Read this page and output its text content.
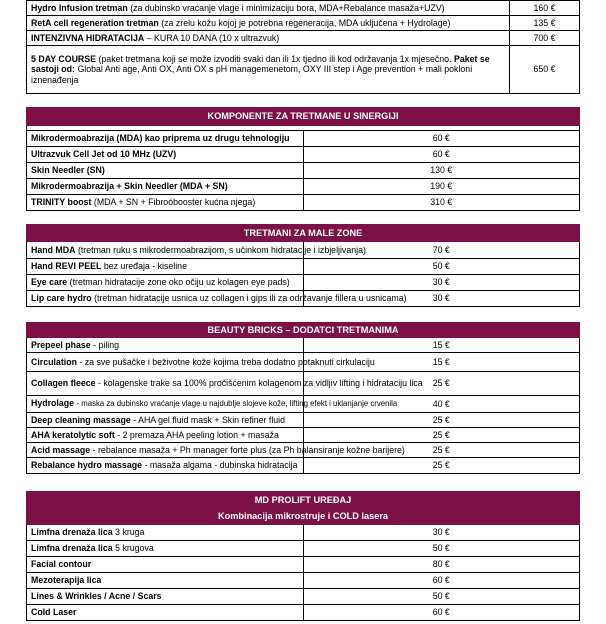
Hydro Infusion tretman (za dubinsko vraćanje vlage i minimizaciju bora, MDA+Rebalance masaža+UZV)	160 €
RetA cell regeneration tretman (za zrelu kožu kojoj je potrebna regeneracija, MDA uključena + Hydrolage)	135 €
INTENZIVNA HIDRATACIJA – KURA 10 DANA (10 x ultrazvuk)	700 €
5 DAY COURSE (paket tretmana koji se može izvoditi svaki dan ili 1x tjedno ili kod održavanja 1x mjesečno. Paket se sastoji od: Global Anti age, Anti OX, Anti OX s pH managemenetom, OXY III step i Age prevention + mali pokloni iznenađenja	650 €
KOMPONENTE ZA TRETMANE U SINERGIJI	

Mikrodermoabrazija (MDA) kao priprema uz drugu tehnologiju	60 €
Ultrazvuk Cell Jet od 10 MHz (UZV)	60 €
Skin Needler (SN)	130 €
Mikrodermoabrazija + Skin Needler (MDA + SN)	190 €
TRINITY boost (MDA + SN + Fibroóbooster kućna njega)	310 €
TRETMANI ZA MALE ZONE	
Hand MDA (tretman ruku s mikrodermoabrazijom, s učinkom hidratacije i izbjeljivanja)	70 €
Hand REVI PEEL bez uređaja - kiseline	50 €
Eye care (tretman hidratacije zone oko očiju uz kolagen eye pads)	30 €
Lip care hydro (tretman hidratacije usnica uz collagen i gips ili za održavanje fillera u usnicama)	30 €
BEAUTY BRICKS – DODATCI TRETMANIMA	
Prepeel phase - piling	15 €
Circulation - za sve pušačke i beživotne kože kojima treba dodatno potaknuti cirkulaciju	15 €
Collagen fleece - kolagenske trake sa 100% pročišćenim kolagenom za vidljiv lifting i hidrataciju lica	25 €
Hydrolage - maska za dubinsko vraćanje vlage u najdublje slojeve kože, lifting efekt i uklanjanje crvenila	40 €
Deep cleaning massage - AHA gel fluid mask + Skin refiner fluid	25 €
AHA keratolytic soft - 2 premaza AHA peeling lotion + masaža	25 €
Acid massage - rebalance masaža + Ph manager forte plus (za Ph balansiranje kožne barijere)	25 €
Rebalance hydro massage - masaža algama - dubinska hidratacija	25 €
MD PROLIFT UREĐAJ	
Kombinacija mikrostruje i COLD lasera	
Limfna drenaža lica 3 kruga	30 €
Limfna drenaža lica 5 krugova	50 €
Facial contour	80 €
Mezoterapija lica	60 €
Lines & Wrinkles / Acne / Scars	50 €
Cold Laser	60 €
